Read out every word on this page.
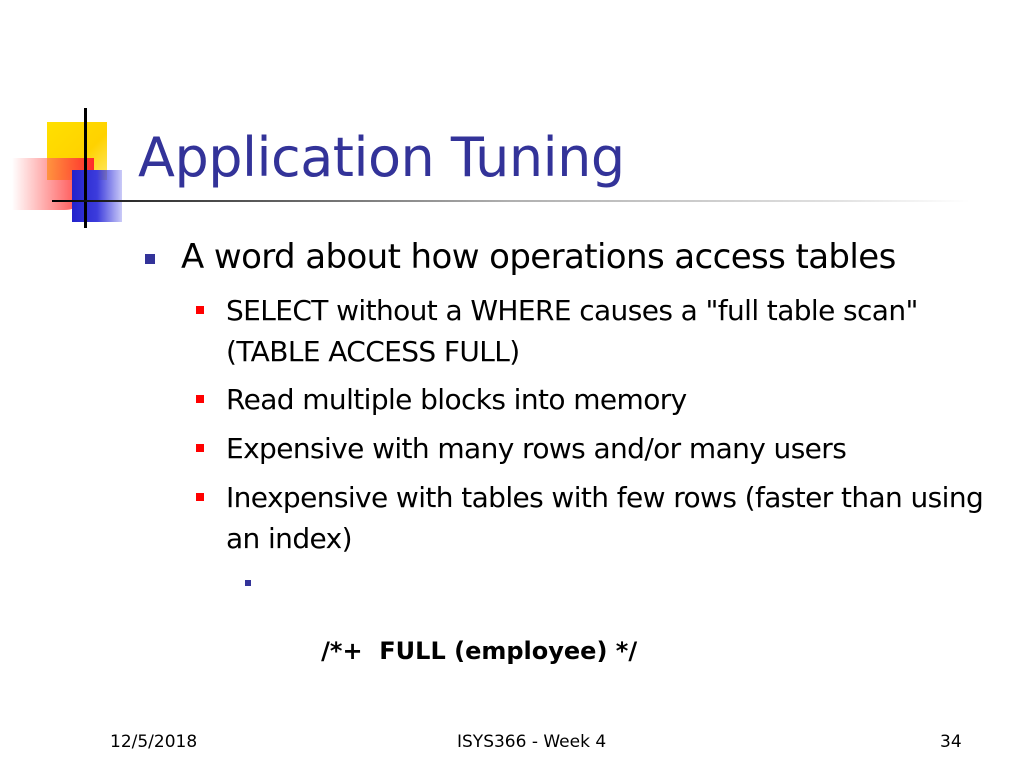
Application Tuning
A word about how operations access tables
SELECT without a WHERE causes a "full table scan" (TABLE ACCESS FULL)
Read multiple blocks into memory
Expensive with many rows and/or many users
Inexpensive with tables with few rows (faster than using an index)

/*+  FULL (employee) */

12/5/2018	ISYS366 - Week 4	34
